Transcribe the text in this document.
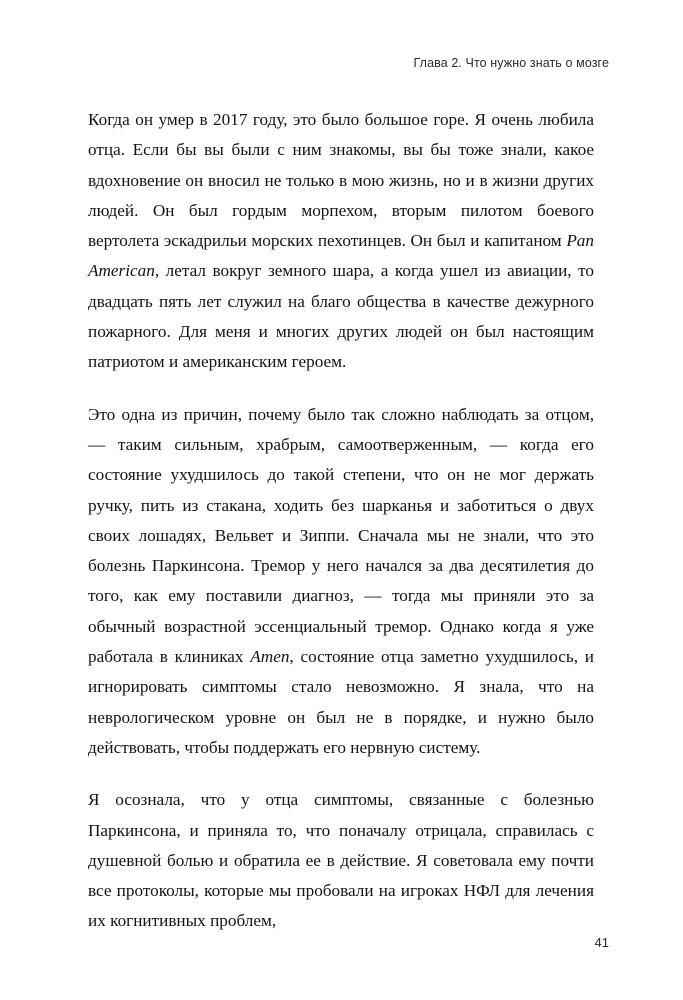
Глава 2. Что нужно знать о мозге

Когда он умер в 2017 году, это было большое горе. Я очень любила отца. Если бы вы были с ним знакомы, вы бы тоже знали, какое вдохновение он вносил не только в мою жизнь, но и в жизни других людей. Он был гордым морпехом, вторым пилотом боевого вертолета эскадрильи морских пехотинцев. Он был и капитаном Pan American, летал вокруг земного шара, а когда ушел из авиации, то двадцать пять лет служил на благо общества в качестве дежурного пожарного. Для меня и многих других людей он был настоящим патриотом и американским героем.

Это одна из причин, почему было так сложно наблюдать за отцом, — таким сильным, храбрым, самоотверженным, — когда его состояние ухудшилось до такой степени, что он не мог держать ручку, пить из стакана, ходить без шарканья и заботиться о двух своих лошадях, Вельвет и Зиппи. Сначала мы не знали, что это болезнь Паркинсона. Тремор у него начался за два десятилетия до того, как ему поставили диагноз, — тогда мы приняли это за обычный возрастной эссенциальный тремор. Однако когда я уже работала в клиниках Amen, состояние отца заметно ухудшилось, и игнорировать симптомы стало невозможно. Я знала, что на неврологическом уровне он был не в порядке, и нужно было действовать, чтобы поддержать его нервную систему.

Я осознала, что у отца симптомы, связанные с болезнью Паркинсона, и приняла то, что поначалу отрицала, справилась с душевной болью и обратила ее в действие. Я советовала ему почти все протоколы, которые мы пробовали на игроках НФЛ для лечения их когнитивных проблем,

41
